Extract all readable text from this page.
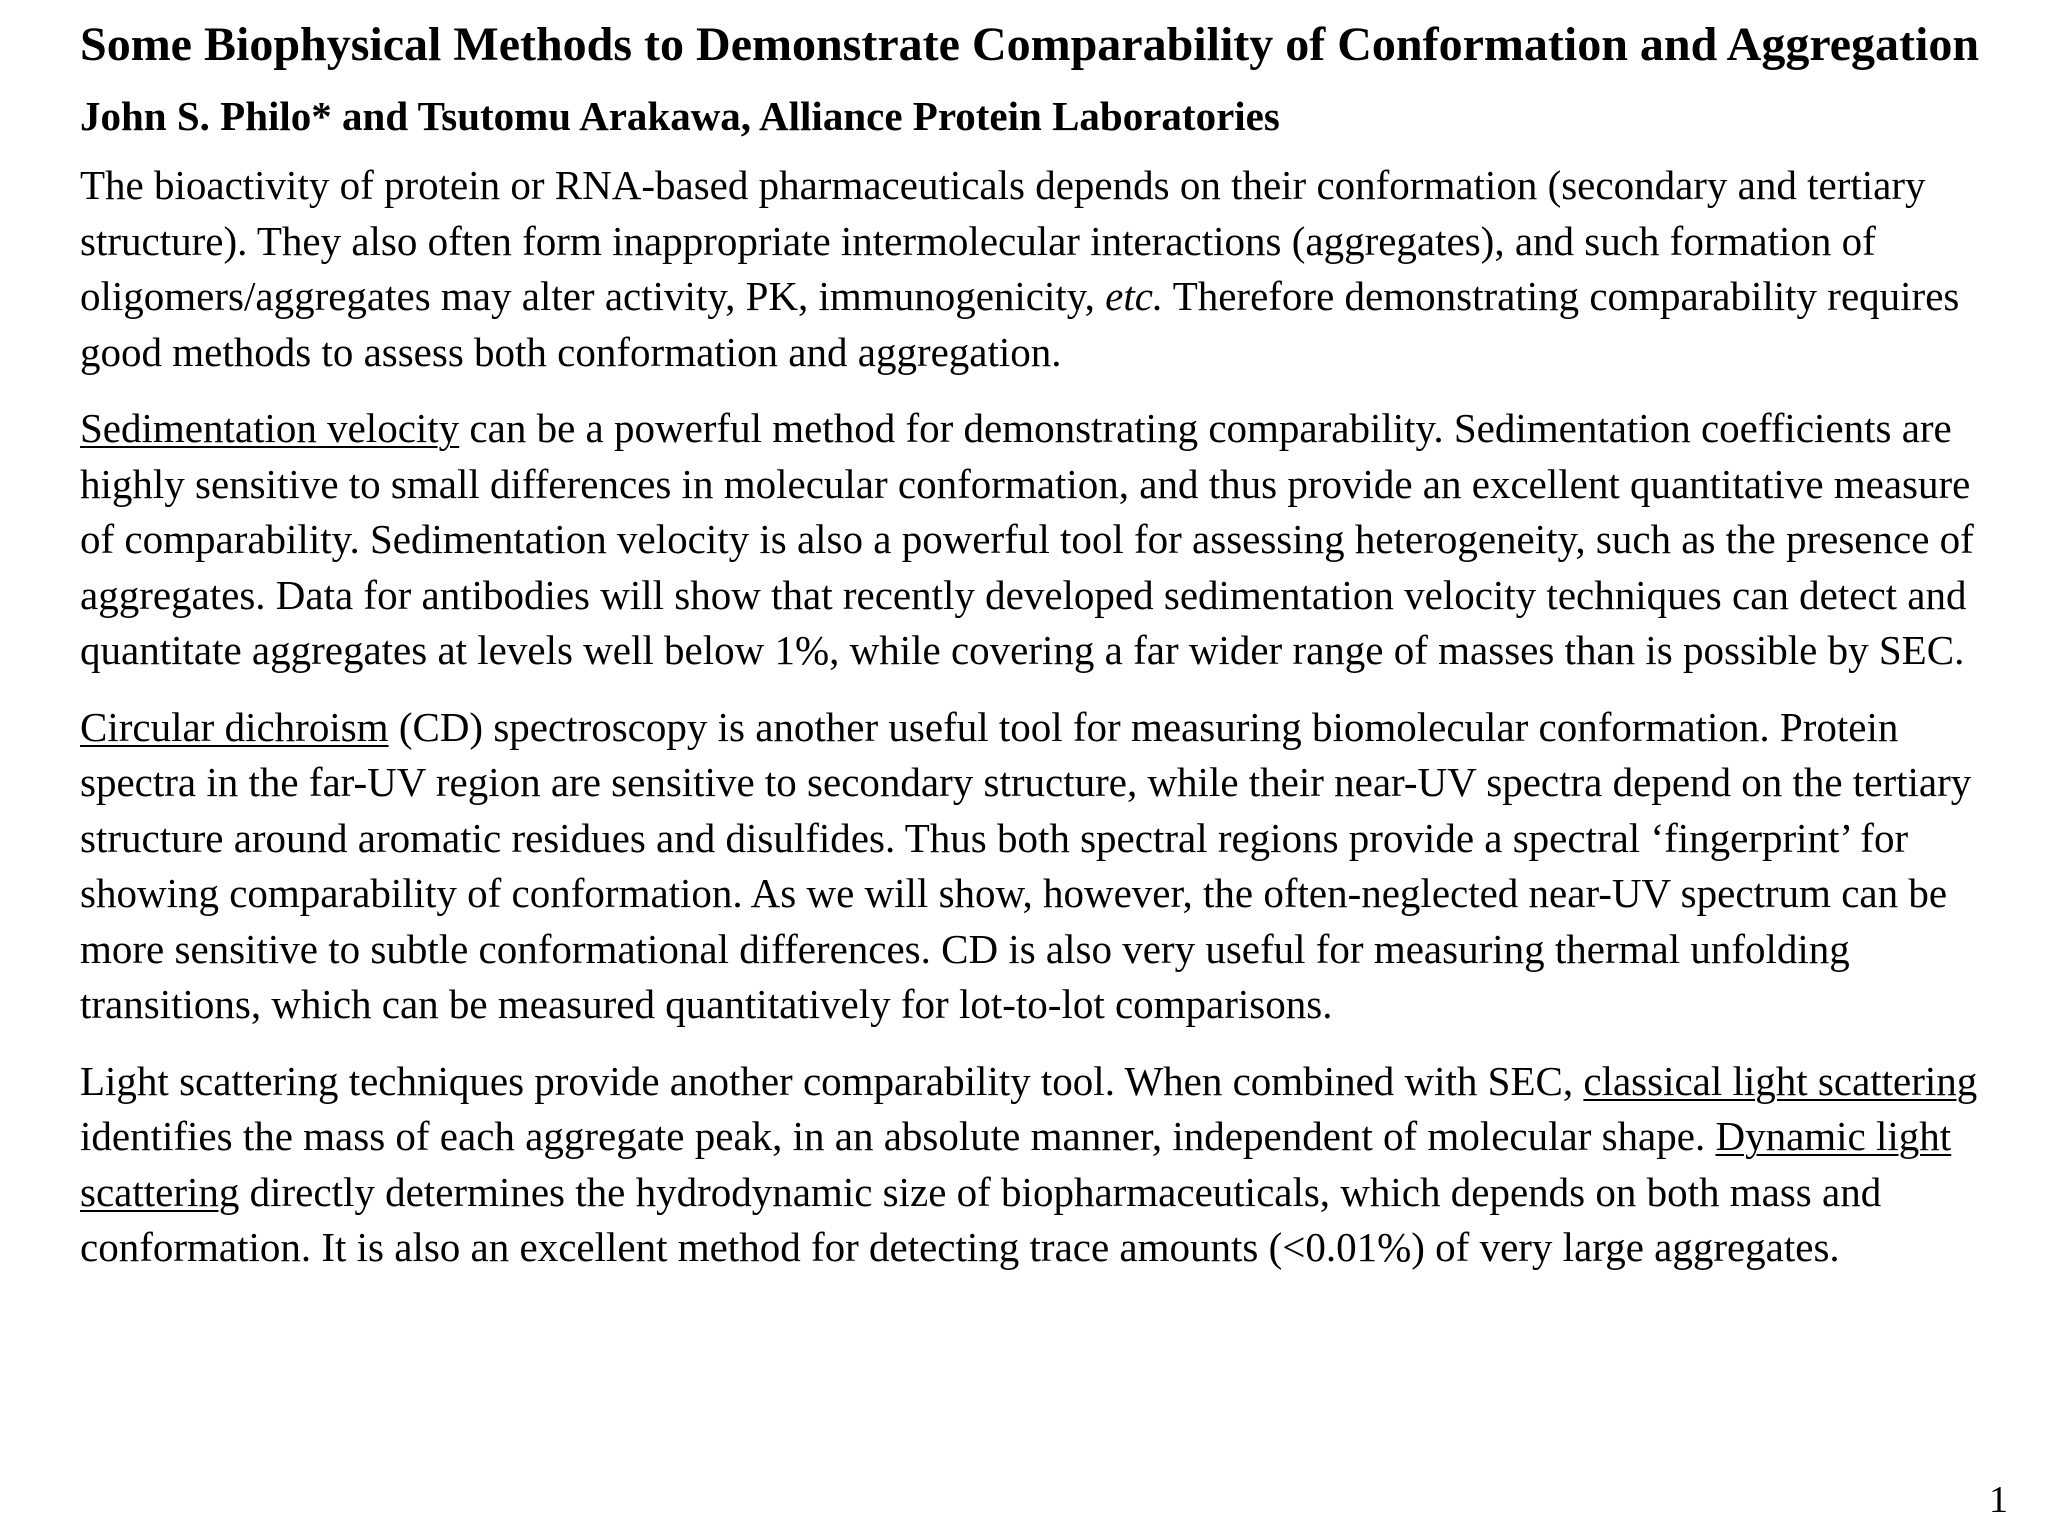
Some Biophysical Methods to Demonstrate Comparability of Conformation and Aggregation
John S. Philo* and Tsutomu Arakawa, Alliance Protein Laboratories

The bioactivity of protein or RNA-based pharmaceuticals depends on their conformation (secondary and tertiary structure). They also often form inappropriate intermolecular interactions (aggregates), and such formation of oligomers/aggregates may alter activity, PK, immunogenicity, etc. Therefore demonstrating comparability requires good methods to assess both conformation and aggregation.

Sedimentation velocity can be a powerful method for demonstrating comparability. Sedimentation coefficients are highly sensitive to small differences in molecular conformation, and thus provide an excellent quantitative measure of comparability. Sedimentation velocity is also a powerful tool for assessing heterogeneity, such as the presence of aggregates. Data for antibodies will show that recently developed sedimentation velocity techniques can detect and quantitate aggregates at levels well below 1%, while covering a far wider range of masses than is possible by SEC.

Circular dichroism (CD) spectroscopy is another useful tool for measuring biomolecular conformation. Protein spectra in the far-UV region are sensitive to secondary structure, while their near-UV spectra depend on the tertiary structure around aromatic residues and disulfides. Thus both spectral regions provide a spectral ‘fingerprint’ for showing comparability of conformation. As we will show, however, the often-neglected near-UV spectrum can be more sensitive to subtle conformational differences. CD is also very useful for measuring thermal unfolding transitions, which can be measured quantitatively for lot-to-lot comparisons.

Light scattering techniques provide another comparability tool. When combined with SEC, classical light scattering identifies the mass of each aggregate peak, in an absolute manner, independent of molecular shape. Dynamic light scattering directly determines the hydrodynamic size of biopharmaceuticals, which depends on both mass and conformation. It is also an excellent method for detecting trace amounts (<0.01%) of very large aggregates.

1
